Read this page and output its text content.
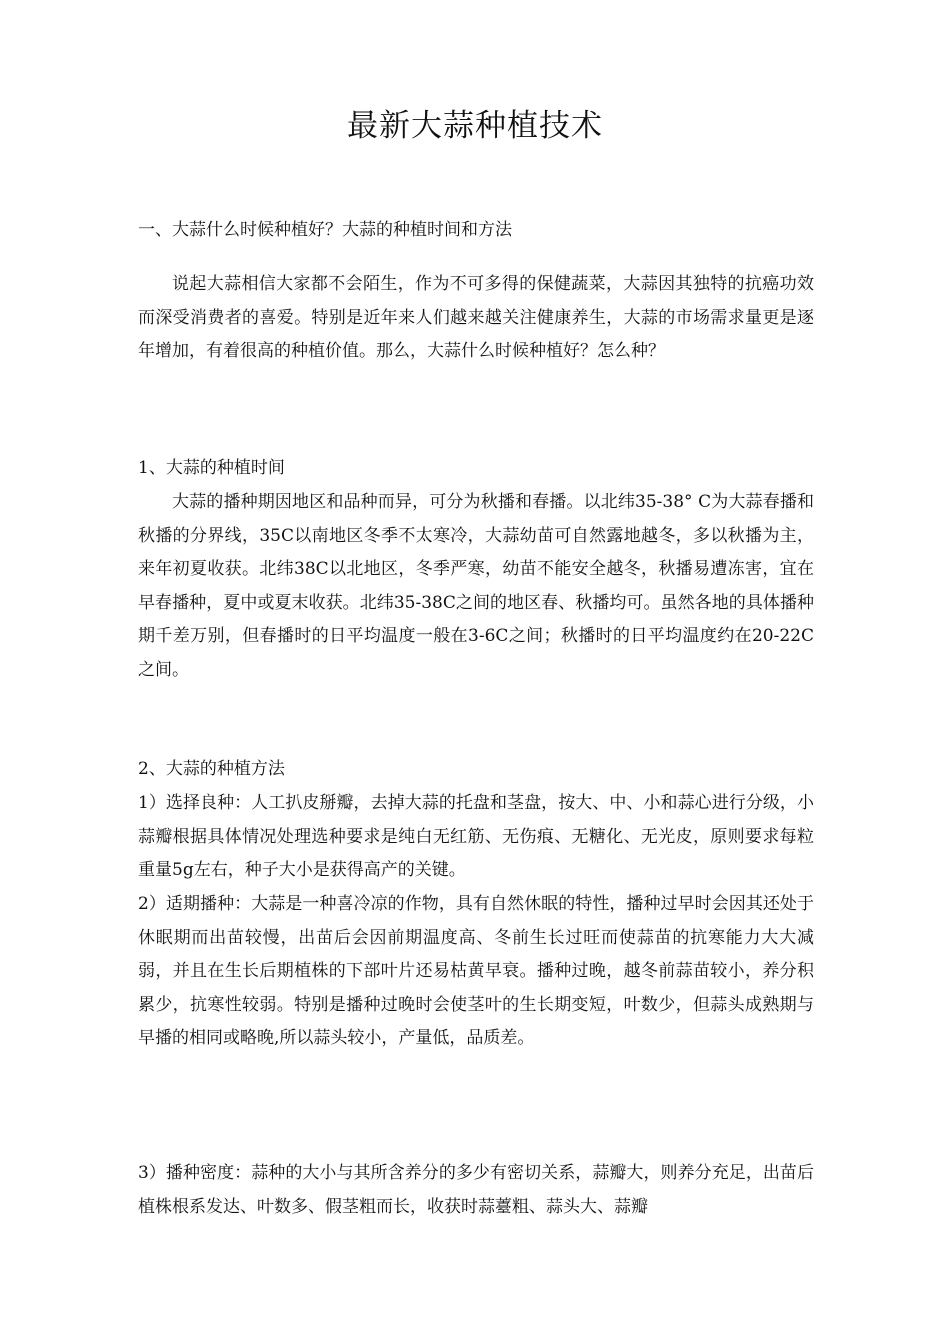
最新大蒜种植技术

一、大蒜什么时候种植好？大蒜的种植时间和方法

说起大蒜相信大家都不会陌生，作为不可多得的保健蔬菜，大蒜因其独特的抗癌功效而深受消费者的喜爱。特别是近年来人们越来越关注健康养生，大蒜的市场需求量更是逐年增加，有着很高的种植价值。那么，大蒜什么时候种植好？怎么种？

1、大蒜的种植时间

大蒜的播种期因地区和品种而异，可分为秋播和春播。以北纬35-38° C为大蒜春播和秋播的分界线，35C以南地区冬季不太寒冷，大蒜幼苗可自然露地越冬，多以秋播为主，来年初夏收获。北纬38C以北地区，冬季严寒，幼苗不能安全越冬，秋播易遭冻害，宜在早春播种，夏中或夏末收获。北纬35-38C之间的地区春、秋播均可。虽然各地的具体播种期千差万别，但春播时的日平均温度一般在3-6C之间；秋播时的日平均温度约在20-22C之间。

2、大蒜的种植方法

1）选择良种：人工扒皮掰瓣，去掉大蒜的托盘和茎盘，按大、中、小和蒜心进行分级，小蒜瓣根据具体情况处理选种要求是纯白无红筋、无伤痕、无糖化、无光皮，原则要求每粒重量5g左右，种子大小是获得高产的关键。

2）适期播种：大蒜是一种喜冷凉的作物，具有自然休眠的特性，播种过早时会因其还处于休眠期而出苗较慢，出苗后会因前期温度高、冬前生长过旺而使蒜苗的抗寒能力大大减弱，并且在生长后期植株的下部叶片还易枯黄早衰。播种过晚，越冬前蒜苗较小，养分积累少，抗寒性较弱。特别是播种过晚时会使茎叶的生长期变短，叶数少，但蒜头成熟期与早播的相同或略晚,所以蒜头较小，产量低，品质差。

3）播种密度：蒜种的大小与其所含养分的多少有密切关系，蒜瓣大，则养分充足，出苗后植株根系发达、叶数多、假茎粗而长，收获时蒜薹粗、蒜头大、蒜瓣
